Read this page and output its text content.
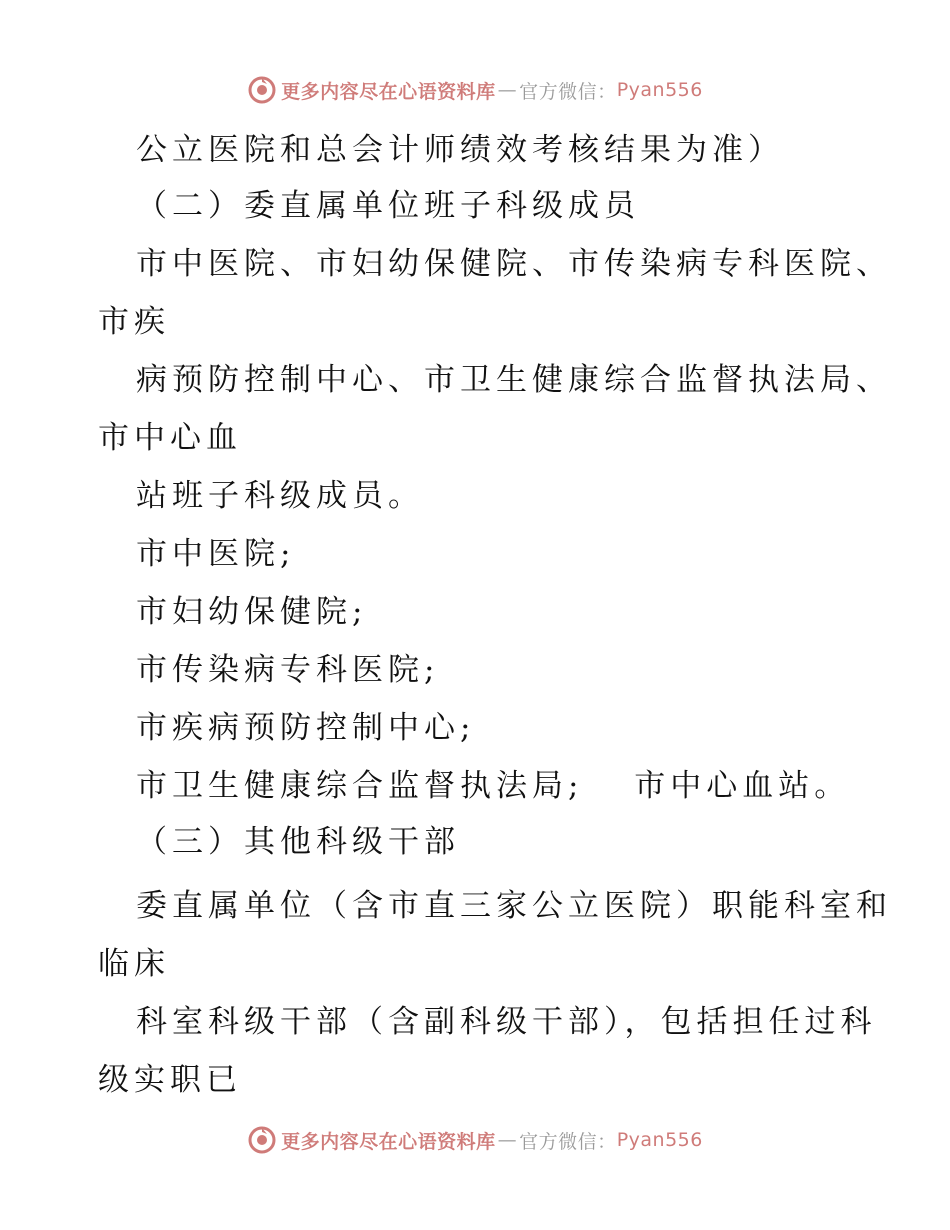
更多内容尽在心语资料库 — 官方微信： Pyan556
公立医院和总会计师绩效考核结果为准）
（二）委直属单位班子科级成员
市中医院、市妇幼保健院、市传染病专科医院、
市疾
病预防控制中心、市卫生健康综合监督执法局、
市中心血
站班子科级成员。
市中医院;
市妇幼保健院;
市传染病专科医院;
市疾病预防控制中心;
市卫生健康综合监督执法局;　 市中心血站。
（三）其他科级干部
委直属单位（含市直三家公立医院）职能科室和
临床
科室科级干部（含副科级干部），包括担任过科
级实职已
更多内容尽在心语资料库 — 官方微信： Pyan556
